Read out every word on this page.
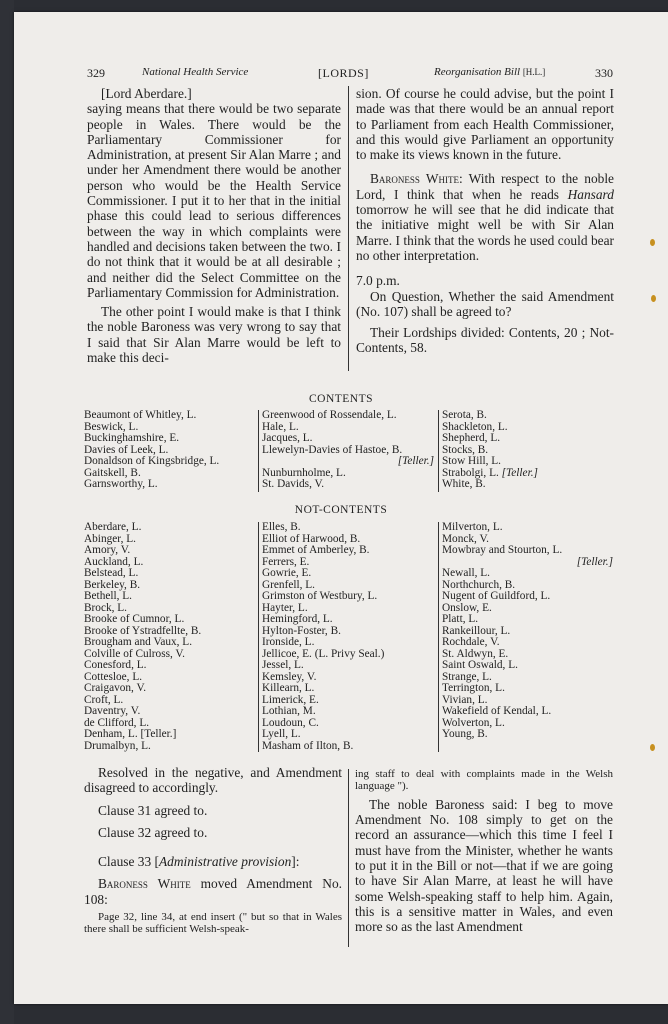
329	National Health Service	[LORDS]	Reorganisation Bill [H.L.]	330

[Lord Aberdare.]

saying means that there would be two separate people in Wales. There would be the Parliamentary Commissioner for Administration, at present Sir Alan Marre ; and under her Amendment there would be another person who would be the Health Service Commissioner. I put it to her that in the initial phase this could lead to serious differences between the way in which complaints were handled and decisions taken between the two. I do not think that it would be at all desirable ; and neither did the Select Committee on the Parliamentary Commission for Administration.

The other point I would make is that I think the noble Baroness was very wrong to say that I said that Sir Alan Marre would be left to make this deci-

sion. Of course he could advise, but the point I made was that there would be an annual report to Parliament from each Health Commissioner, and this would give Parliament an opportunity to make its views known in the future.

Baroness White: With respect to the noble Lord, I think that when he reads Hansard tomorrow he will see that he did indicate that the initiative might well be with Sir Alan Marre. I think that the words he used could bear no other interpretation.

7.0 p.m.

On Question, Whether the said Amendment (No. 107) shall be agreed to?

Their Lordships divided: Contents, 20 ; Not-Contents, 58.

CONTENTS
Beaumont of Whitley, L.
Beswick, L.
Buckinghamshire, E.
Davies of Leek, L.
Donaldson of Kingsbridge, L.
Gaitskell, B.
Garnsworthy, L.
Greenwood of Rossendale, L.
Hale, L.
Jacques, L.
Llewelyn-Davies of Hastoe, B.
[Teller.]
Nunburnholme, L.
St. Davids, V.
Serota, B.
Shackleton, L.
Shepherd, L.
Stocks, B.
Stow Hill, L.
Strabolgi, L. [Teller.]
White, B.
NOT-CONTENTS
Aberdare, L.
Abinger, L.
Amory, V.
Auckland, L.
Belstead, L.
Berkeley, B.
Bethell, L.
Brock, L.
Brooke of Cumnor, L.
Brooke of Ystradfellte, B.
Brougham and Vaux, L.
Colville of Culross, V.
Conesford, L.
Cottesloe, L.
Craigavon, V.
Croft, L.
Daventry, V.
de Clifford, L.
Denham, L. [Teller.]
Drumalbyn, L.
Elles, B.
Elliot of Harwood, B.
Emmet of Amberley, B.
Ferrers, E.
Gowrie, E.
Grenfell, L.
Grimston of Westbury, L.
Hayter, L.
Hemingford, L.
Hylton-Foster, B.
Ironside, L.
Jellicoe, E. (L. Privy Seal.)
Jessel, L.
Kemsley, V.
Killearn, L.
Limerick, E.
Lothian, M.
Loudoun, C.
Lyell, L.
Masham of Ilton, B.
Milverton, L.
Monck, V.
Mowbray and Stourton, L.
[Teller.]
Newall, L.
Northchurch, B.
Nugent of Guildford, L.
Onslow, E.
Platt, L.
Rankeillour, L.
Rochdale, V.
St. Aldwyn, E.
Saint Oswald, L.
Strange, L.
Terrington, L.
Vivian, L.
Wakefield of Kendal, L.
Wolverton, L.
Young, B.

Resolved in the negative, and Amendment disagreed to accordingly.

Clause 31 agreed to.

Clause 32 agreed to.

Clause 33 [Administrative provision]:

Baroness White moved Amendment No. 108:

Page 32, line 34, at end insert (" but so that in Wales there shall be sufficient Welsh-speak-

ing staff to deal with complaints made in the Welsh language ").

The noble Baroness said: I beg to move Amendment No. 108 simply to get on the record an assurance—which this time I feel I must have from the Minister, whether he wants to put it in the Bill or not—that if we are going to have Sir Alan Marre, at least he will have some Welsh-speaking staff to help him. Again, this is a sensitive matter in Wales, and even more so as the last Amendment
